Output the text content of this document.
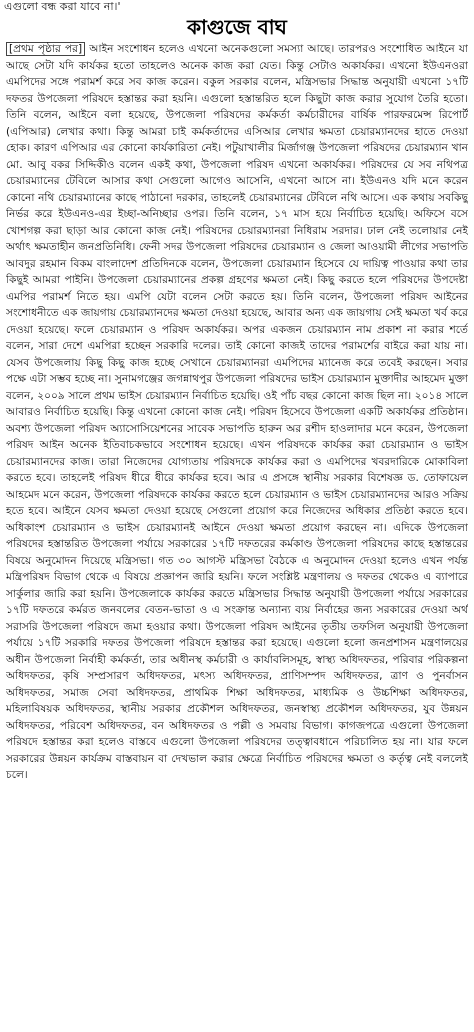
এগুলো বন্ধ করা যাবে না।'
কাগুজে বাঘ

[প্রথম পৃষ্ঠার পর] আইন সংশোধন হলেও এখনো অনেকগুলো সমস্যা আছে। তারপরও সংশোধিত আইনে যা আছে সেটা যদি কার্যকর হতো তাহলেও অনেক কাজ করা যেত। কিন্তু সেটাও অকার্যকর। এখনো ইউএনওরা এমপিদের সঙ্গে পরামর্শ করে সব কাজ করেন। বকুল সরকার বলেন, মন্ত্রিসভার সিদ্ধান্ত অনুযায়ী এখনো ১৭টি দফতর উপজেলা পরিষদে হস্তান্তর করা হয়নি। এগুলো হস্তান্তরিত হলে কিছুটা কাজ করার সুযোগ তৈরি হতো। তিনি বলেন, আইনে বলা হয়েছে, উপজেলা পরিষদের কর্মকর্তা কর্মচারীদের বার্ষিক পারফরমেন্স রিপোর্ট (এপিআর) লেখার কথা। কিন্তু আমরা চাই কর্মকর্তাদের এসিআর লেখার ক্ষমতা চেয়ারম্যানদের হাতে দেওয়া হোক। কারণ এপিআর এর কোনো কার্যকারিতা নেই। পটুয়াখালীর মির্জাগঞ্জ উপজেলা পরিষদের চেয়ারম্যান খান মো. আবু বকর সিদ্দিকীও বলেন একই কথা, উপজেলা পরিষদ এখনো অকার্যকর। পরিষদের যে সব নথিপত্র চেয়ারম্যানের টেবিলে আসার কথা সেগুলো আগেও আসেনি, এখনো আসে না। ইউএনও যদি মনে করেন কোনো নথি চেয়ারম্যানের কাছে পাঠানো দরকার, তাহলেই চেয়ারম্যানের টেবিলে নথি আসে। এক কথায় সবকিছু নির্ভর করে ইউএনও-এর ইচ্ছা-অনিচ্ছার ওপর। তিনি বলেন, ১৭ মাস হয়ে নির্বাচিত হয়েছি। অফিসে বসে খোশগল্প করা ছাড়া আর কোনো কাজ নেই। পরিষদের চেয়ারম্যানরা নিধিরাম সরদার। ঢাল নেই তলোয়ার নেই অর্থাৎ ক্ষমতাহীন জনপ্রতিনিধি। ফেনী সদর উপজেলা পরিষদের চেয়ারম্যান ও জেলা আওয়ামী লীগের সভাপতি আবদুর রহমান বিকম বাংলাদেশ প্রতিদিনকে বলেন, উপজেলা চেয়ারম্যান হিসেবে যে দায়িত্ব পাওয়ার কথা তার কিছুই আমরা পাইনি। উপজেলা চেয়ারম্যানের প্রকল্প গ্রহণের ক্ষমতা নেই। কিছু করতে হলে পরিষদের উপদেষ্টা এমপির পরামর্শ নিতে হয়। এমপি যেটা বলেন সেটা করতে হয়। তিনি বলেন, উপজেলা পরিষদ আইনের সংশোধনীতে এক জায়গায় চেয়ারম্যানদের ক্ষমতা দেওয়া হয়েছে, আবার অন্য এক জায়গায় সেই ক্ষমতা খর্ব করে দেওয়া হয়েছে। ফলে চেয়ারম্যান ও পরিষদ অকার্যকর। অপর একজন চেয়ারম্যান নাম প্রকাশ না করার শর্তে বলেন, সারা দেশে এমপিরা হচ্ছেন সরকারি দলের। তাই কোনো কাজই তাদের পরামর্শের বাইরে করা যায় না। যেসব উপজেলায় কিছু কিছু কাজ হচ্ছে সেখানে চেয়ারম্যানরা এমপিদের ম্যানেজ করে তবেই করছেন। সবার পক্ষে এটা সম্ভব হচ্ছে না। সুনামগঞ্জের জগন্নাথপুর উপজেলা পরিষদের ভাইস চেয়ারম্যান মুক্তাদীর আহমেদ মুক্তা বলেন, ২০০৯ সালে প্রথম ভাইস চেয়ারম্যান নির্বাচিত হয়েছি। ওই পাঁচ বছর কোনো কাজ ছিল না। ২০১৪ সালে আবারও নির্বাচিত হয়েছি। কিন্তু এখনো কোনো কাজ নেই। পরিষদ হিসেবে উপজেলা একটি অকার্যকর প্রতিষ্ঠান। অবশ্য উপজেলা পরিষদ অ্যাসোসিয়েশনের সাবেক সভাপতি হারুন অর রশীদ হাওলাদার মনে করেন, উপজেলা পরিষদ আইন অনেক ইতিবাচকভাবে সংশোধন হয়েছে। এখন পরিষদকে কার্যকর করা চেয়ারম্যান ও ভাইস চেয়ারম্যানদের কাজ। তারা নিজেদের যোগ্যতায় পরিষদকে কার্যকর করা ও এমপিদের খবরদারিকে মোকাবিলা করতে হবে। তাহলেই পরিষদ ধীরে ধীরে কার্যকর হবে। আর এ প্রসঙ্গে স্থানীয় সরকার বিশেষজ্ঞ ড. তোফায়েল আহমেদ মনে করেন, উপজেলা পরিষদকে কার্যকর করতে হলে চেয়ারম্যান ও ভাইস চেয়ারম্যানদের আরও সক্রিয় হতে হবে। আইনে যেসব ক্ষমতা দেওয়া হয়েছে সেগুলো প্রয়োগ করে নিজেদের অধিকার প্রতিষ্ঠা করতে হবে। অধিকাংশ চেয়ারম্যান ও ভাইস চেয়ারম্যানই আইনে দেওয়া ক্ষমতা প্রয়োগ করছেন না। এদিকে উপজেলা পরিষদের হস্তান্তরিত উপজেলা পর্যায়ে সরকারের ১৭টি দফতরের কর্মকাণ্ড উপজেলা পরিষদের কাছে হস্তান্তরের বিষয়ে অনুমোদন দিয়েছে মন্ত্রিসভা। গত ৩০ আগস্ট মন্ত্রিসভা বৈঠকে এ অনুমোদন দেওয়া হলেও এখন পর্যন্ত মন্ত্রিপরিষদ বিভাগ থেকে এ বিষয়ে প্রজ্ঞাপন জারি হয়নি। ফলে সংশ্লিষ্ট মন্ত্রণালয় ও দফতর থেকেও এ ব্যাপারে সার্কুলার জারি করা হয়নি। উপজেলাকে কার্যকর করতে মন্ত্রিসভার সিদ্ধান্ত অনুযায়ী উপজেলা পর্যায়ে সরকারের ১৭টি দফতরে কর্মরত জনবলের বেতন-ভাতা ও এ সংক্রান্ত অন্যান্য ব্যয় নির্বাহের জন্য সরকারের দেওয়া অর্থ সরাসরি উপজেলা পরিষদে জমা হওয়ার কথা। উপজেলা পরিষদ আইনের তৃতীয় তফসিল অনুযায়ী উপজেলা পর্যায়ে ১৭টি সরকারি দফতর উপজেলা পরিষদে হস্তান্তর করা হয়েছে। এগুলো হলো জনপ্রশাসন মন্ত্রণালয়ের অধীন উপজেলা নির্বাহী কর্মকর্তা, তার অধীনস্থ কর্মচারী ও কার্যাবলিসমূহ, স্বাস্থ্য অধিদফতর, পরিবার পরিকল্পনা অধিদফতর, কৃষি সম্প্রসারণ অধিদফতর, মৎস্য অধিদফতর, প্রাণিসম্পদ অধিদফতর, ত্রাণ ও পুনর্বাসন অধিদফতর, সমাজ সেবা অধিদফতর, প্রাথমিক শিক্ষা অধিদফতর, মাধ্যমিক ও উচ্চশিক্ষা অধিদফতর, মহিলাবিষয়ক অধিদফতর, স্থানীয় সরকার প্রকৌশল অধিদফতর, জনস্বাস্থ্য প্রকৌশল অধিদফতর, যুব উন্নয়ন অধিদফতর, পরিবেশ অধিদফতর, বন অধিদফতর ও পল্লী ও সমবায় বিভাগ। কাগজপত্রে এগুলো উপজেলা পরিষদে হস্তান্তর করা হলেও বাস্তবে এগুলো উপজেলা পরিষদের তত্ত্বাবধানে পরিচালিত হয় না। যার ফলে সরকারের উন্নয়ন কার্যক্রম বাস্তবায়ন বা দেখভাল করার ক্ষেত্রে নির্বাচিত পরিষদের ক্ষমতা ও কর্তৃত্ব নেই বললেই চলে।
